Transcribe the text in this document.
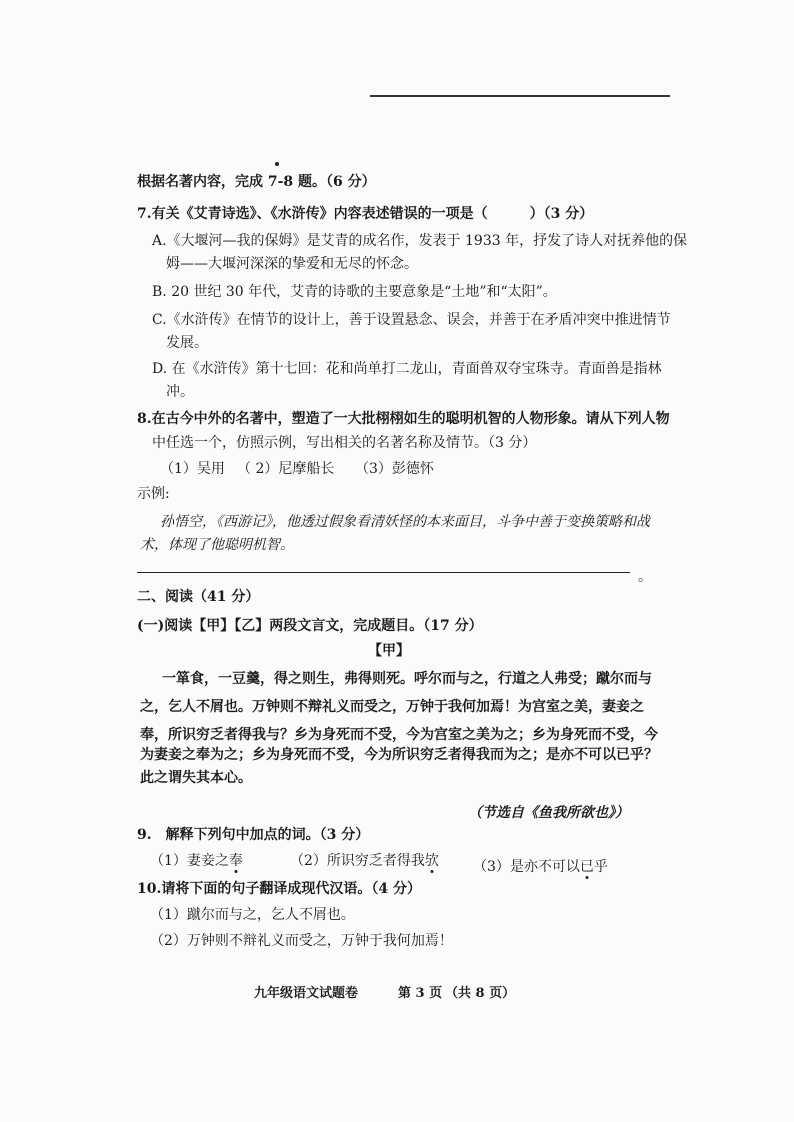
根据名著内容，完成 7-8 题。（6 分）
7.有关《艾青诗选》、《水浒传》内容表述错误的一项是（　　　）（3 分）
A.《大堰河—我的保姆》是艾青的成名作，发表于 1933 年，抒发了诗人对抚养他的保
姆——大堰河深深的挚爱和无尽的怀念。
B. 20 世纪 30 年代，艾青的诗歌的主要意象是“土地”和“太阳”。
C.《水浒传》在情节的设计上，善于设置悬念、误会，并善于在矛盾冲突中推进情节
发展。
D. 在《水浒传》第十七回：花和尚单打二龙山，青面兽双夺宝珠寺。青面兽是指林
冲。
8.在古今中外的名著中，塑造了一大批栩栩如生的聪明机智的人物形象。请从下列人物
中任选一个，仿照示例，写出相关的名著名称及情节。（3 分）
（1）吴用 （ 2）尼摩船长 （3）彭德怀
示例:
孙悟空，《西游记》，他透过假象看清妖怪的本来面目，斗争中善于变换策略和战
术，体现了他聪明机智。
。
二、阅读（41 分）
(一)阅读【甲】【乙】两段文言文，完成题目。（17 分）
【甲】
一箪食，一豆羹，得之则生，弗得则死。呼尔而与之，行道之人弗受；蹴尔而与
之，乞人不屑也。万钟则不辩礼义而受之，万钟于我何加焉！为宫室之美，妻妾之
奉，所识穷乏者得我与？乡为身死而不受，今为宫室之美为之；乡为身死而不受，今
为妻妾之奉为之；乡为身死而不受，今为所识穷乏者得我而为之；是亦不可以已乎？
此之谓失其本心。
（节选自《鱼我所欲也》）
9.　解释下列句中加点的词。（3 分）
（1）妻妾之奉	（2）所识穷乏者得我欤 （3）是亦不可以已乎
10.请将下面的句子翻译成现代汉语。（4 分）
（1）蹴尔而与之，乞人不屑也。
（2）万钟则不辩礼义而受之，万钟于我何加焉！
九年级语文试题卷	第 3 页 （共 8 页）
